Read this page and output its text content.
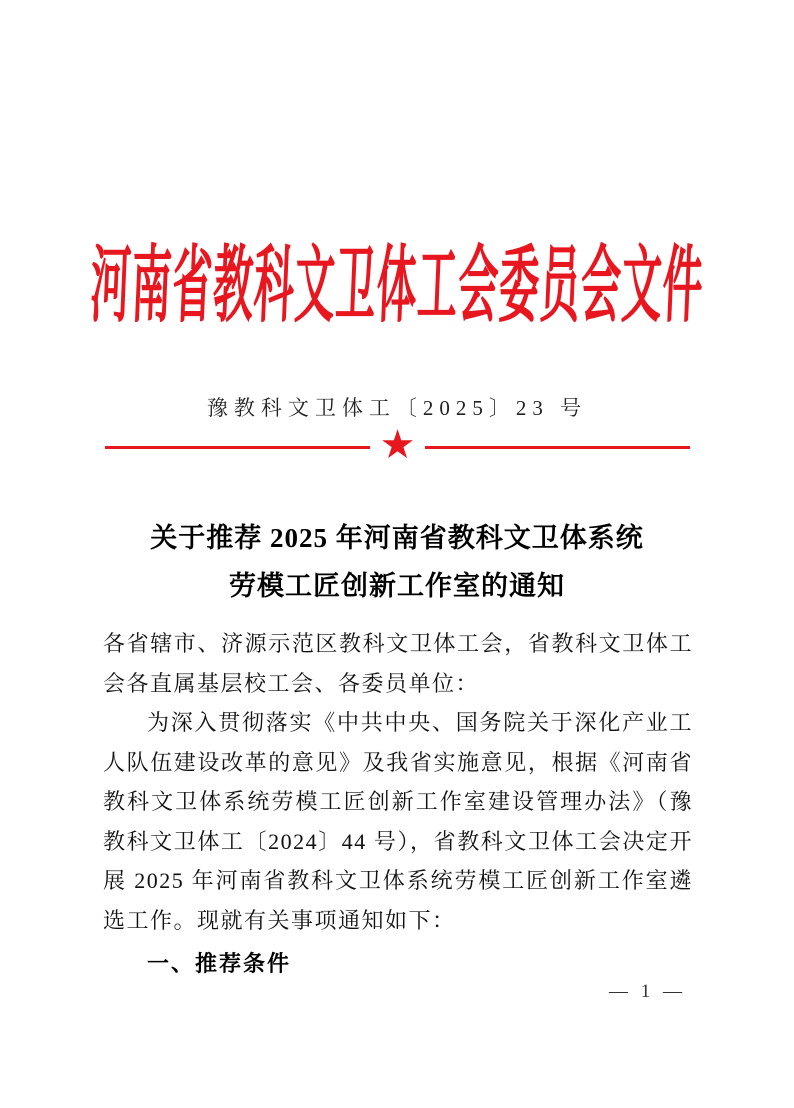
河南省教科文卫体工会委员会文件
豫教科文卫体工〔2025〕23 号
★
关于推荐 2025 年河南省教科文卫体系统
劳模工匠创新工作室的通知

各省辖市、济源示范区教科文卫体工会，省教科文卫体工会各直属基层校工会、各委员单位：

为深入贯彻落实《中共中央、国务院关于深化产业工人队伍建设改革的意见》及我省实施意见，根据《河南省教科文卫体系统劳模工匠创新工作室建设管理办法》（豫教科文卫体工〔2024〕44 号），省教科文卫体工会决定开展 2025 年河南省教科文卫体系统劳模工匠创新工作室遴选工作。现就有关事项通知如下：

一、推荐条件
— 1 —
